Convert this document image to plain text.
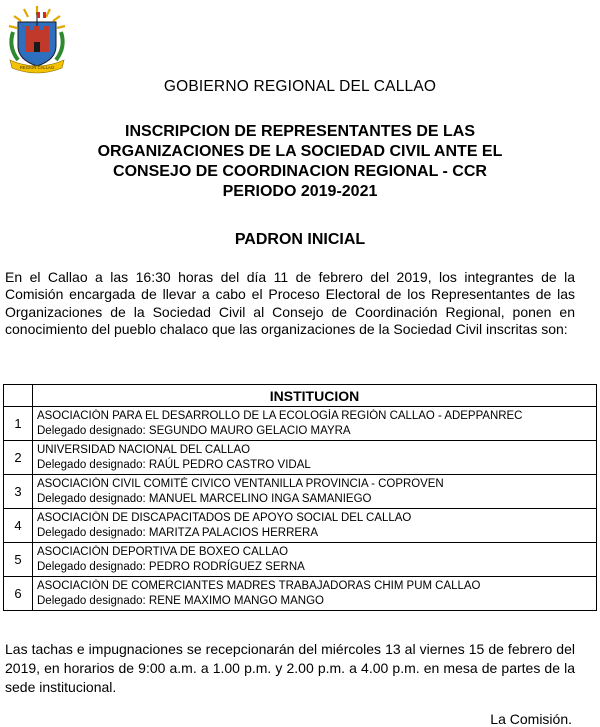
REGION CALLAO
GOBIERNO REGIONAL DEL CALLAO
INSCRIPCION DE REPRESENTANTES DE LAS
ORGANIZACIONES DE LA SOCIEDAD CIVIL ANTE EL
CONSEJO DE COORDINACION REGIONAL - CCR
PERIODO 2019-2021
PADRON INICIAL

En el Callao a las 16:30 horas del día 11 de febrero del 2019, los integrantes de la Comisión encargada de llevar a cabo el Proceso Electoral de los Representantes de las Organizaciones de la Sociedad Civil al Consejo de Coordinación Regional, ponen en conocimiento del pueblo chalaco que las organizaciones de la Sociedad Civil inscritas son:

	INSTITUCION
1	ASOCIACIÓN PARA EL DESARROLLO DE LA ECOLOGÍA REGIÓN CALLAO - ADEPPANREC
Delegado designado: SEGUNDO MAURO GELACIO MAYRA

2	UNIVERSIDAD NACIONAL DEL CALLAO
Delegado designado: RAÚL PEDRO CASTRO VIDAL

3	ASOCIACIÓN CIVIL COMITÉ CIVICO VENTANILLA PROVINCIA - COPROVEN
Delegado designado: MANUEL MARCELINO INGA SAMANIEGO

4	ASOCIACIÓN DE DISCAPACITADOS DE APOYO SOCIAL DEL CALLAO
Delegado designado: MARITZA PALACIOS HERRERA

5	ASOCIACIÓN DEPORTIVA DE BOXEO CALLAO
Delegado designado: PEDRO RODRÍGUEZ SERNA

6	ASOCIACIÓN DE COMERCIANTES MADRES TRABAJADORAS CHIM PUM CALLAO
Delegado designado: RENE MAXIMO MANGO MANGO

Las tachas e impugnaciones se recepcionarán del miércoles 13 al viernes 15 de febrero del 2019, en horarios de 9:00 a.m. a 1.00 p.m. y 2.00 p.m. a 4.00 p.m. en mesa de partes de la sede institucional.

La Comisión.
